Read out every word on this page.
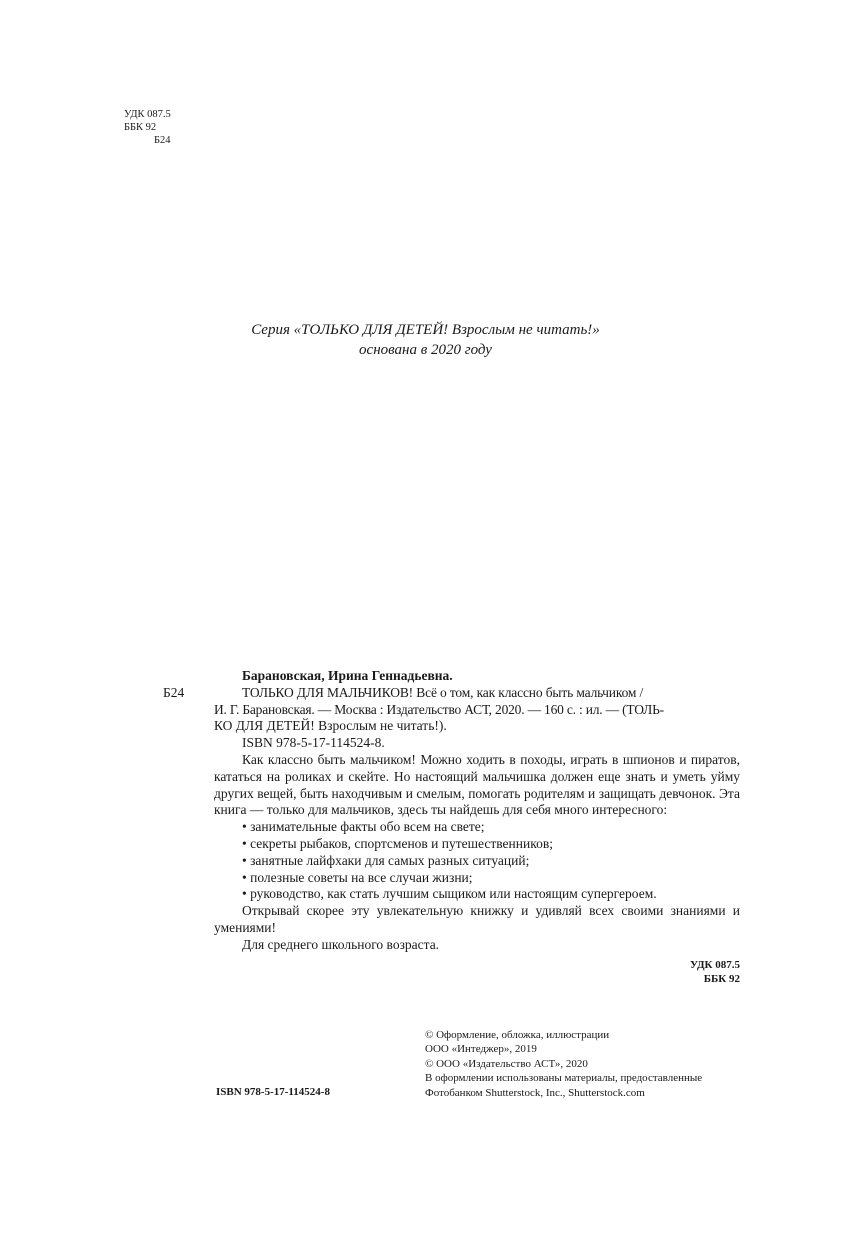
УДК 087.5
ББК 92
Б24
Серия «ТОЛЬКО ДЛЯ ДЕТЕЙ! Взрослым не читать!»
основана в 2020 году
Барановская, Ирина Геннадьевна.
Б24	ТОЛЬКО ДЛЯ МАЛЬЧИКОВ! Всё о том, как классно быть мальчиком /
И. Г. Барановская. — Москва : Издательство АСТ, 2020. — 160 с. : ил. — (ТОЛЬ-
КО ДЛЯ ДЕТЕЙ! Взрослым не читать!).
ISBN 978-5-17-114524-8.
Как классно быть мальчиком! Можно ходить в походы, играть в шпионов и пиратов, кататься на роликах и скейте. Но настоящий мальчишка должен еще знать и уметь уйму других вещей, быть находчивым и смелым, помогать родителям и защищать девчонок. Эта книга — только для мальчиков, здесь ты найдешь для себя много интересного:
• занимательные факты обо всем на свете;
• секреты рыбаков, спортсменов и путешественников;
• занятные лайфхаки для самых разных ситуаций;
• полезные советы на все случаи жизни;
• руководство, как стать лучшим сыщиком или настоящим супергероем.
Открывай скорее эту увлекательную книжку и удивляй всех своими знаниями и умениями!
Для среднего школьного возраста.
УДК 087.5
ББК 92
ISBN 978-5-17-114524-8
© Оформление, обложка, иллюстрации
ООО «Интеджер», 2019
© ООО «Издательство АСТ», 2020
В оформлении использованы материалы, предоставленные
Фотобанком Shutterstock, Inc., Shutterstock.com
